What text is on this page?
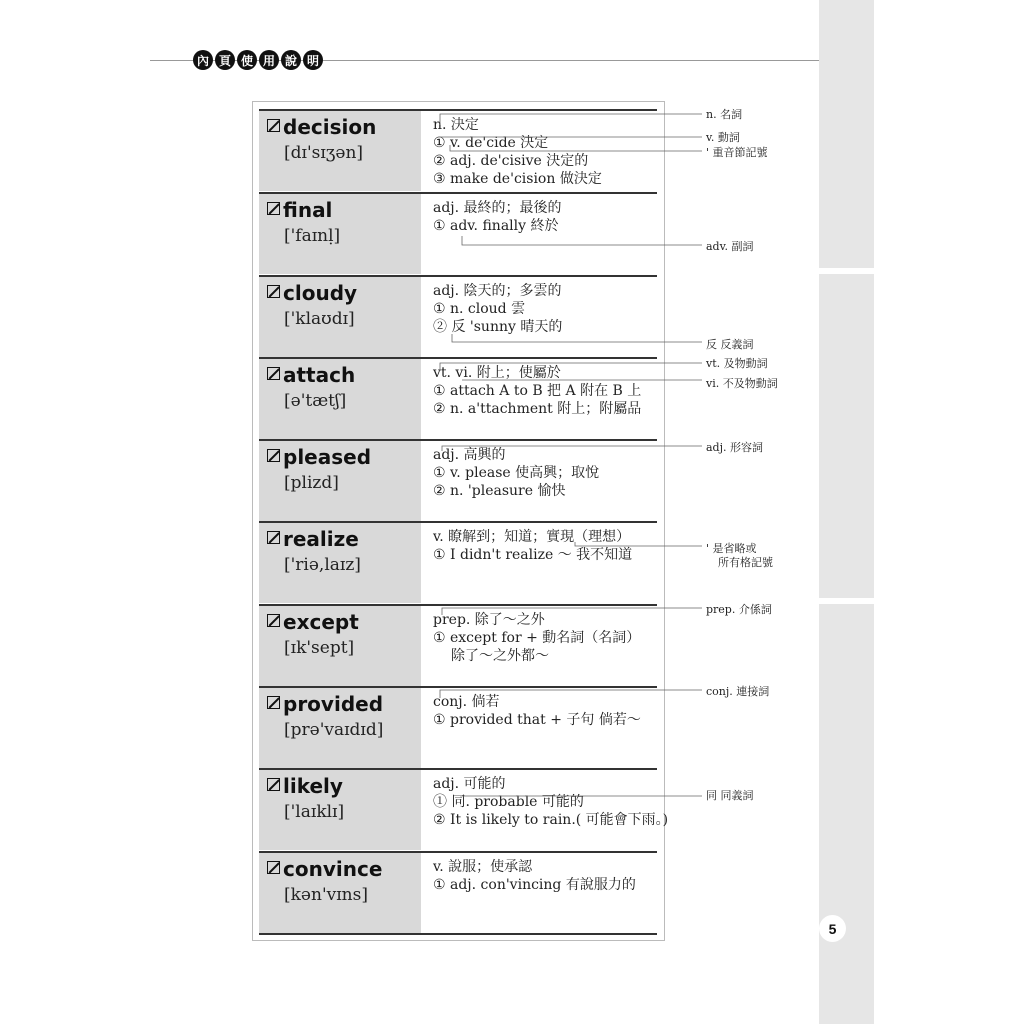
5
內 頁 使 用 說 明
decision
[dɪ'sɪʒən]
n. 決定
① v. de'cide 決定
② adj. de'cisive 決定的
③ make de'cision 做決定
final
['faɪnḷ]
adj. 最終的；最後的
① adv. finally 終於
cloudy
['klaʊdɪ]
adj. 陰天的；多雲的
① n. cloud 雲
② 反 'sunny 晴天的
attach
[ə'tætʃ]
vt. vi. 附上；使屬於
① attach A to B 把 A 附在 B 上
② n. a'ttachment 附上；附屬品
pleased
[plizd]
adj. 高興的
① v. please 使高興；取悅
② n. 'pleasure 愉快
realize
['riə,laɪz]
v. 瞭解到；知道；實現（理想）
① I didn't realize ～ 我不知道
except
[ɪk'sept]
prep. 除了～之外
① except for + 動名詞（名詞）
除了～之外都～
provided
[prə'vaɪdɪd]
conj. 倘若
① provided that + 子句 倘若～
likely
['laɪklɪ]
adj. 可能的
① 同. probable 可能的
② It is likely to rain.( 可能會下雨。)
convince
[kən'vɪns]
v. 說服；使承認
① adj. con'vincing 有說服力的
n. 名詞
v. 動詞
' 重音節記號
adv. 副詞
反 反義詞
vt. 及物動詞
vi. 不及物動詞
adj. 形容詞
' 是省略或
所有格記號
prep. 介係詞
conj. 連接詞
同 同義詞
